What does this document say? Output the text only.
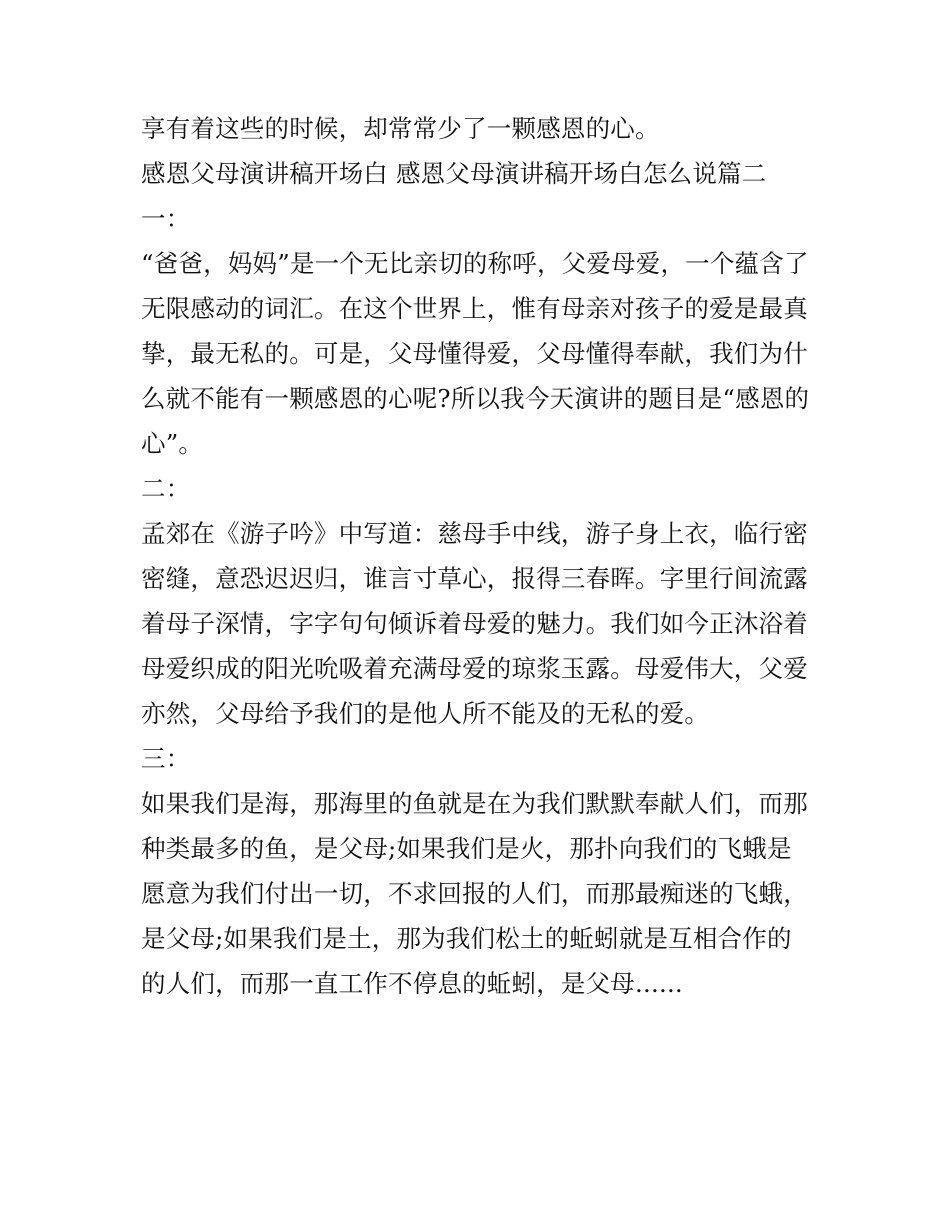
享有着这些的时候，却常常少了一颗感恩的心。
感恩父母演讲稿开场白 感恩父母演讲稿开场白怎么说篇二
一：
“爸爸，妈妈”是一个无比亲切的称呼，父爱母爱，一个蕴含了
无限感动的词汇。在这个世界上，惟有母亲对孩子的爱是最真
挚，最无私的。可是，父母懂得爱，父母懂得奉献，我们为什
么就不能有一颗感恩的心呢?所以我今天演讲的题目是“感恩的
心”。
二：
孟郊在《游子吟》中写道：慈母手中线，游子身上衣，临行密
密缝，意恐迟迟归，谁言寸草心，报得三春晖。字里行间流露
着母子深情，字字句句倾诉着母爱的魅力。我们如今正沐浴着
母爱织成的阳光吮吸着充满母爱的琼浆玉露。母爱伟大，父爱
亦然，父母给予我们的是他人所不能及的无私的爱。
三：
如果我们是海，那海里的鱼就是在为我们默默奉献人们，而那
种类最多的鱼，是父母;如果我们是火，那扑向我们的飞蛾是
愿意为我们付出一切，不求回报的人们，而那最痴迷的飞蛾，
是父母;如果我们是土，那为我们松土的蚯蚓就是互相合作的
的人们，而那一直工作不停息的蚯蚓，是父母......
